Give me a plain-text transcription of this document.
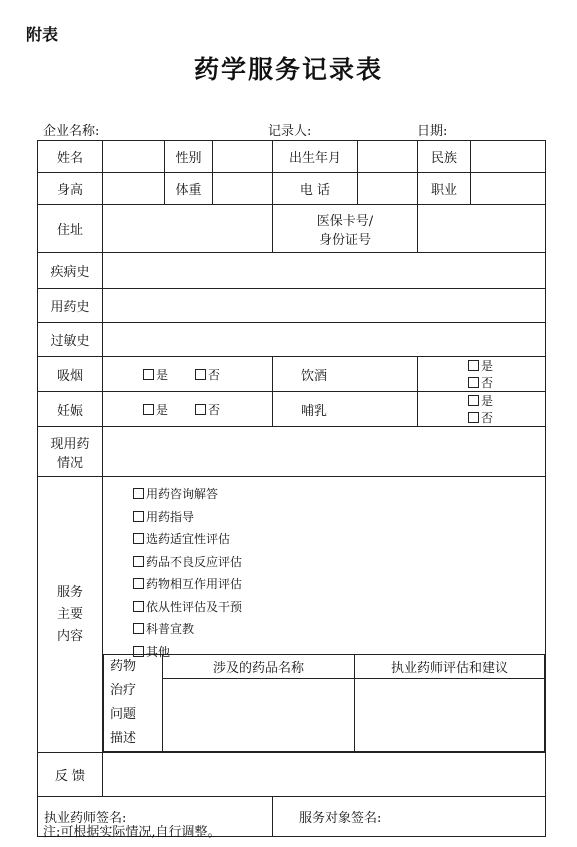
附表
药学服务记录表
企业名称:	记录人:	日期:
姓名		性别		出生年月		民族	
身高		体重		电 话		职业	
住址		
医保卡号/
身份证号

疾病史	
用药史	
过敏史	
吸烟	是	否	饮酒	是否
妊娠	是	否	哺乳	是否

现用药
情况

服务
主要
内容

用药咨询解答
用药指导
选药适宜性评估
药品不良反应评估
药物相互作用评估
依从性评估及干预
科普宣教
其他
药物
治疗
问题
描述
	涉及的药品名称	执业药师评估和建议

反 馈	
执业药师签名:	服务对象签名:
注:可根据实际情况,自行调整。
